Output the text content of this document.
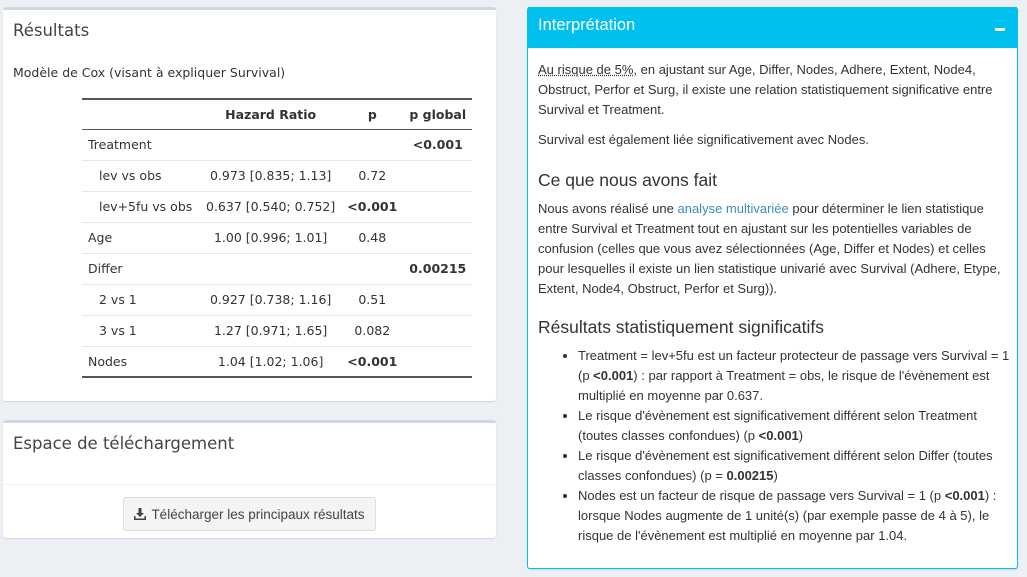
Résultats

Modèle de Cox (visant à expliquer Survival)

	Hazard Ratio	p	p global
Treatment			<0.001
lev vs obs	0.973 [0.835; 1.13]	0.72	
lev+5fu vs obs	0.637 [0.540; 0.752]	<0.001	
Age	1.00 [0.996; 1.01]	0.48	
Differ			0.00215
2 vs 1	0.927 [0.738; 1.16]	0.51	
3 vs 1	1.27 [0.971; 1.65]	0.082	
Nodes	1.04 [1.02; 1.06]	<0.001	
Espace de téléchargement
Télécharger les principaux résultats
Interprétation

Au risque de 5%, en ajustant sur Age, Differ, Nodes, Adhere, Extent, Node4, Obstruct, Perfor et Surg, il existe une relation statistiquement significative entre Survival et Treatment.

Survival est également liée significativement avec Nodes.

Ce que nous avons fait

Nous avons réalisé une analyse multivariée pour déterminer le lien statistique entre Survival et Treatment tout en ajustant sur les potentielles variables de confusion (celles que vous avez sélectionnées (Age, Differ et Nodes) et celles pour lesquelles il existe un lien statistique univarié avec Survival (Adhere, Etype, Extent, Node4, Obstruct, Perfor et Surg)).

Résultats statistiquement significatifs
• Treatment = lev+5fu est un facteur protecteur de passage vers Survival = 1 (p <0.001) : par rapport à Treatment = obs, le risque de l'évènement est multiplié en moyenne par 0.637.
• Le risque d'évènement est significativement différent selon Treatment (toutes classes confondues) (p <0.001)
• Le risque d'évènement est significativement différent selon Differ (toutes classes confondues) (p = 0.00215)
• Nodes est un facteur de risque de passage vers Survival = 1 (p <0.001) : lorsque Nodes augmente de 1 unité(s) (par exemple passe de 4 à 5), le risque de l'évènement est multiplié en moyenne par 1.04.
